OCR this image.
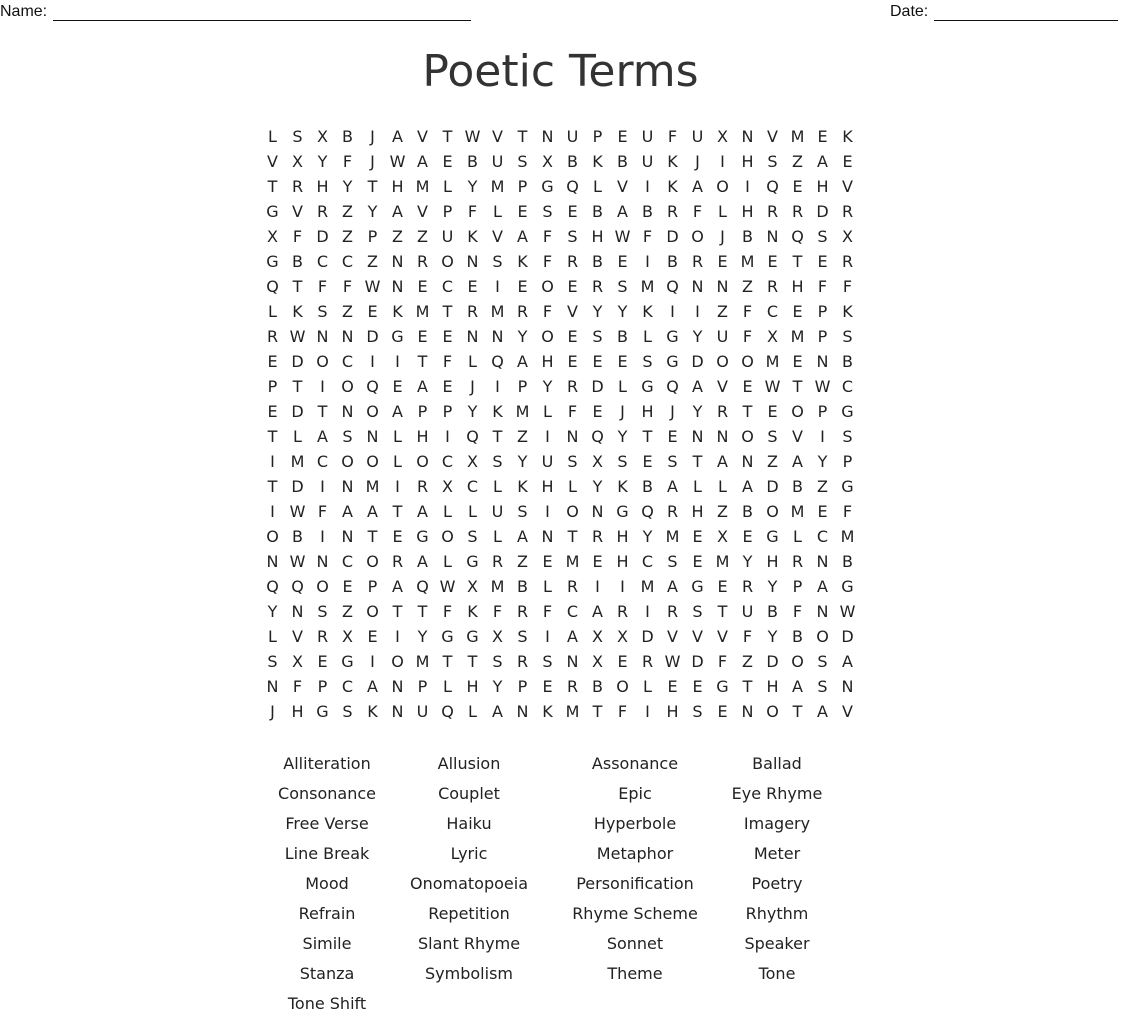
Name:	Date:
Poetic Terms
L S X B	J	A V T W V T N U P E U F U X N V M E K
V X Y F	J W A E B U S X B K B U K	J	I	H S Z A E
T R H Y T H M L Y M P G Q L V	I	K A O	I	Q E H V
G V R Z Y A V P F L E S E B A B R F L H R R D R
X F D Z P Z Z U K V A F S H W F D O	J	B N Q S X
G B C C Z N R O N S K F R B E	I	B R E M E T E R
Q T F F W N E C E	I	E O E R S M Q N N Z R H F F
L K S Z E K M T R M R F V Y Y K	I	I	Z F C E P K
R W N N D G E E N N Y O E S B L G Y U F X M P S
E D O C	I	I	T F L Q A H E E E S G D O O M E N B
P T	I	O Q E A E	J	I	P Y R D L G Q A V E W T W C
E D T N O A P P Y K M L F E	J	H	J	Y R T E O P G
T L A S N L H	I	Q T Z	I	N Q Y T E N N O S V	I	S
I M C O O L O C X S Y U S X S E S T A N Z A Y P
T D	I	N M I	R X C L K H L Y K B A L	L A D B Z G
I W F A A T A L	L U S	I	O N G Q R H Z B O M E F
O B	I	N T E G O S L A N T R H Y M E X E G L C M
N W N C O R A L G R Z E M E H C S E M Y H R N B
Q Q O E P A Q W X M B L R	I	I M A G E R Y P A G
Y N S Z O T T F K F R F C A R	I	R S T U B F N W
L V R X E	I	Y G G X S	I	A X X D V V V F Y B O D
S X E G	I	O M T T S R S N X E R W D F Z D O S A
N F P C A N P L H Y P E R B O L E E G T H A S N
J	H G S K N U Q L A N K M T F	I	H S E N O T A V
Alliteration	Allusion	Assonance	Ballad
Consonance	Couplet	Epic	Eye Rhyme
Free Verse	Haiku	Hyperbole	Imagery
Line Break	Lyric	Metaphor	Meter
Mood	Onomatopoeia	Personification	Poetry
Refrain	Repetition	Rhyme Scheme	Rhythm
Simile	Slant Rhyme	Sonnet	Speaker
Stanza	Symbolism	Theme	Tone
Tone Shift
